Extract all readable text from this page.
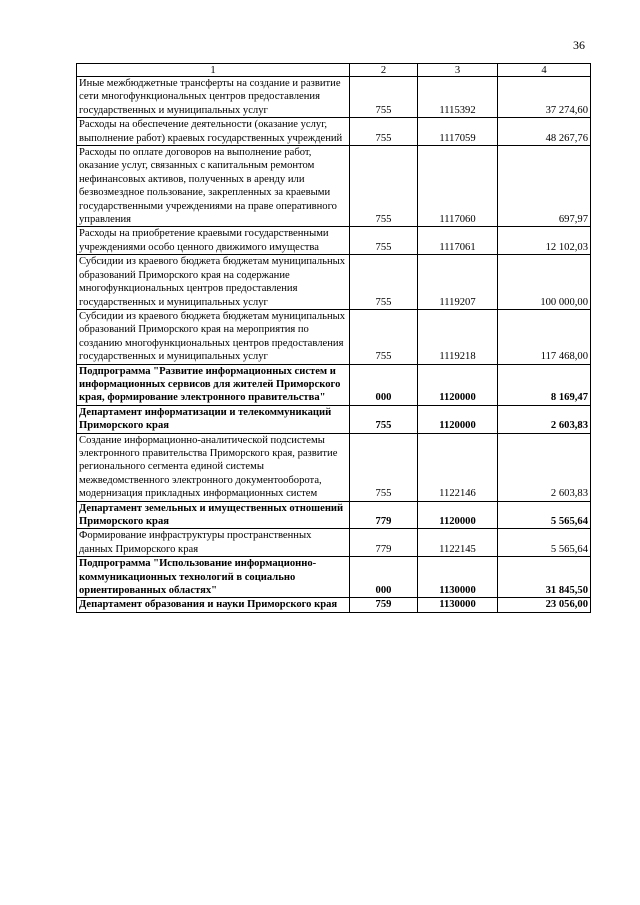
36
1	2	3	4
Иные межбюджетные трансферты на создание и развитие сети многофункциональных центров предоставления государственных и муниципальных услуг	755	1115392	37 274,60
Расходы на обеспечение деятельности (оказание услуг, выполнение работ) краевых государственных учреждений	755	1117059	48 267,76
Расходы по оплате договоров на выполнение работ, оказание услуг, связанных с капитальным ремонтом нефинансовых активов, полученных в аренду или безвозмездное пользование, закрепленных за краевыми государственными учреждениями на праве оперативного управления	755	1117060	697,97
Расходы на приобретение краевыми государственными учреждениями особо ценного движимого имущества	755	1117061	12 102,03
Субсидии из краевого бюджета бюджетам муниципальных образований Приморского края на содержание многофункциональных центров предоставления государственных и муниципальных услуг	755	1119207	100 000,00
Субсидии из краевого бюджета бюджетам муниципальных образований Приморского края на мероприятия по созданию многофункциональных центров предоставления государственных и муниципальных услуг	755	1119218	117 468,00
Подпрограмма "Развитие информационных систем и информационных сервисов для жителей Приморского края, формирование электронного правительства"	000	1120000	8 169,47
Департамент информатизации и телекоммуникаций Приморского края	755	1120000	2 603,83
Создание информационно-аналитической подсистемы электронного правительства Приморского края, развитие регионального сегмента единой системы межведомственного электронного документооборота, модернизация прикладных информационных систем	755	1122146	2 603,83
Департамент земельных и имущественных отношений Приморского края	779	1120000	5 565,64
Формирование инфраструктуры пространственных данных Приморского края	779	1122145	5 565,64
Подпрограмма "Использование информационно-коммуникационных технологий в социально ориентированных областях"	000	1130000	31 845,50
Департамент образования и науки Приморского края	759	1130000	23 056,00
